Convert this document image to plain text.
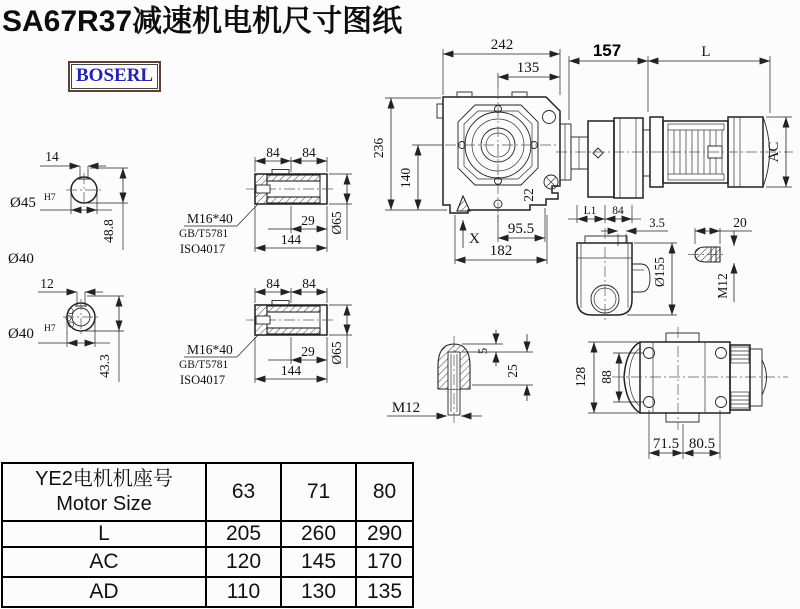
SA67R37减速机电机尺寸图纸
BOSERL
14
Ø45 H7
48.8
Ø40
12
Ø40 H7
43.3
84 84
M16*40
GB/T5781
ISO4017
29
144
Ø65
84 84
M16*40
GB/T5781
ISO4017
29
144
Ø65
242
135
236
140
X
95.5
182
22
157	L
AC
L1 84
3.5
Ø155
20
M12
128 88
71.5 80.5
5
25
M12
YE2电机机座号
Motor Size	63	71	80
L	205	260	290
AC	120	145	170
AD	110	130	135
